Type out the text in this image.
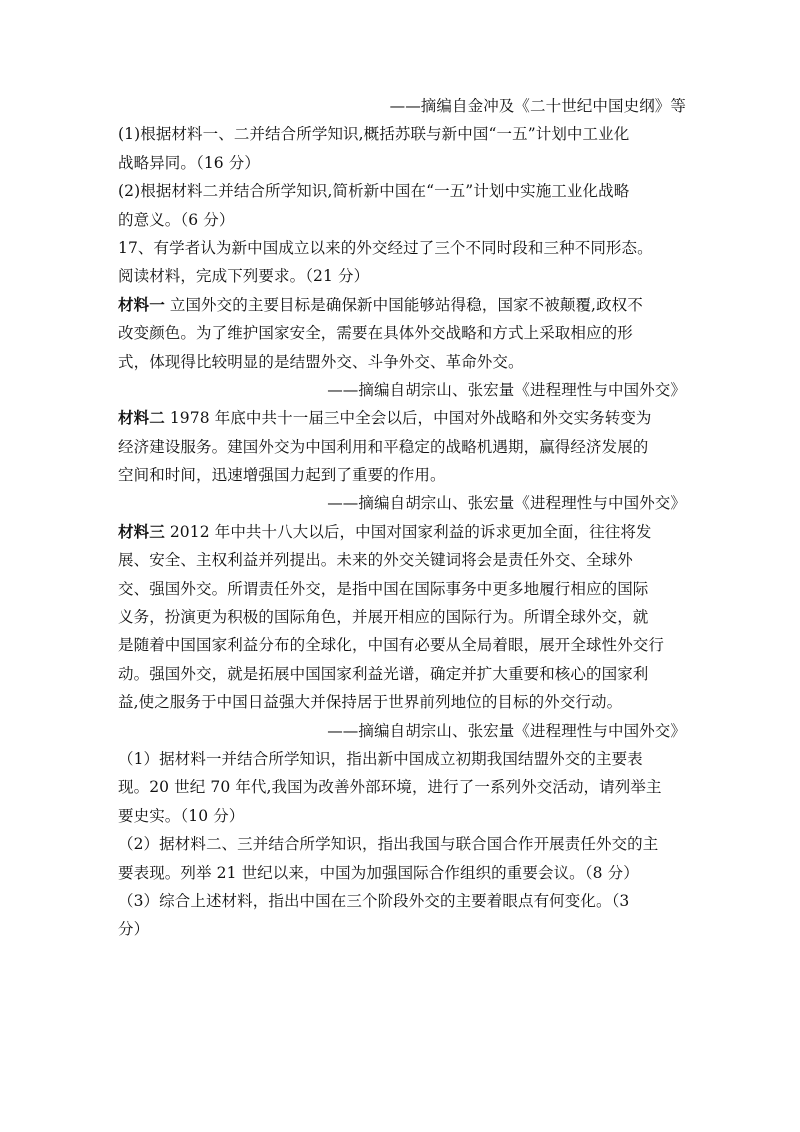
——摘编自金冲及《二十世纪中国史纲》等
(1)根据材料一、二并结合所学知识,概括苏联与新中国“一五”计划中工业化
战略异同。（16 分）
(2)根据材料二并结合所学知识,简析新中国在“一五”计划中实施工业化战略
的意义。（6 分）
17、有学者认为新中国成立以来的外交经过了三个不同时段和三种不同形态。
阅读材料，完成下列要求。（21 分）
材料一 立国外交的主要目标是确保新中国能够站得稳，国家不被颠覆,政权不
改变颜色。为了维护国家安全，需要在具体外交战略和方式上采取相应的形
式，体现得比较明显的是结盟外交、斗争外交、革命外交。
——摘编自胡宗山、张宏量《进程理性与中国外交》
材料二 1978 年底中共十一届三中全会以后，中国对外战略和外交实务转变为
经济建设服务。建国外交为中国利用和平稳定的战略机遇期，赢得经济发展的
空间和时间，迅速增强国力起到了重要的作用。
——摘编自胡宗山、张宏量《进程理性与中国外交》
材料三 2012 年中共十八大以后，中国对国家利益的诉求更加全面，往往将发
展、安全、主权利益并列提出。未来的外交关键词将会是责任外交、全球外
交、强国外交。所谓责任外交，是指中国在国际事务中更多地履行相应的国际
义务，扮演更为积极的国际角色，并展开相应的国际行为。所谓全球外交，就
是随着中国国家利益分布的全球化，中国有必要从全局着眼，展开全球性外交行
动。强国外交，就是拓展中国国家利益光谱，确定并扩大重要和核心的国家利
益,使之服务于中国日益强大并保持居于世界前列地位的目标的外交行动。
——摘编自胡宗山、张宏量《进程理性与中国外交》
（1）据材料一并结合所学知识，指出新中国成立初期我国结盟外交的主要表
现。20 世纪 70 年代,我国为改善外部环境，进行了一系列外交活动，请列举主
要史实。（10 分）
（2）据材料二、三并结合所学知识，指出我国与联合国合作开展责任外交的主
要表现。列举 21 世纪以来，中国为加强国际合作组织的重要会议。（8 分）
（3）综合上述材料，指出中国在三个阶段外交的主要着眼点有何变化。（3
分）
